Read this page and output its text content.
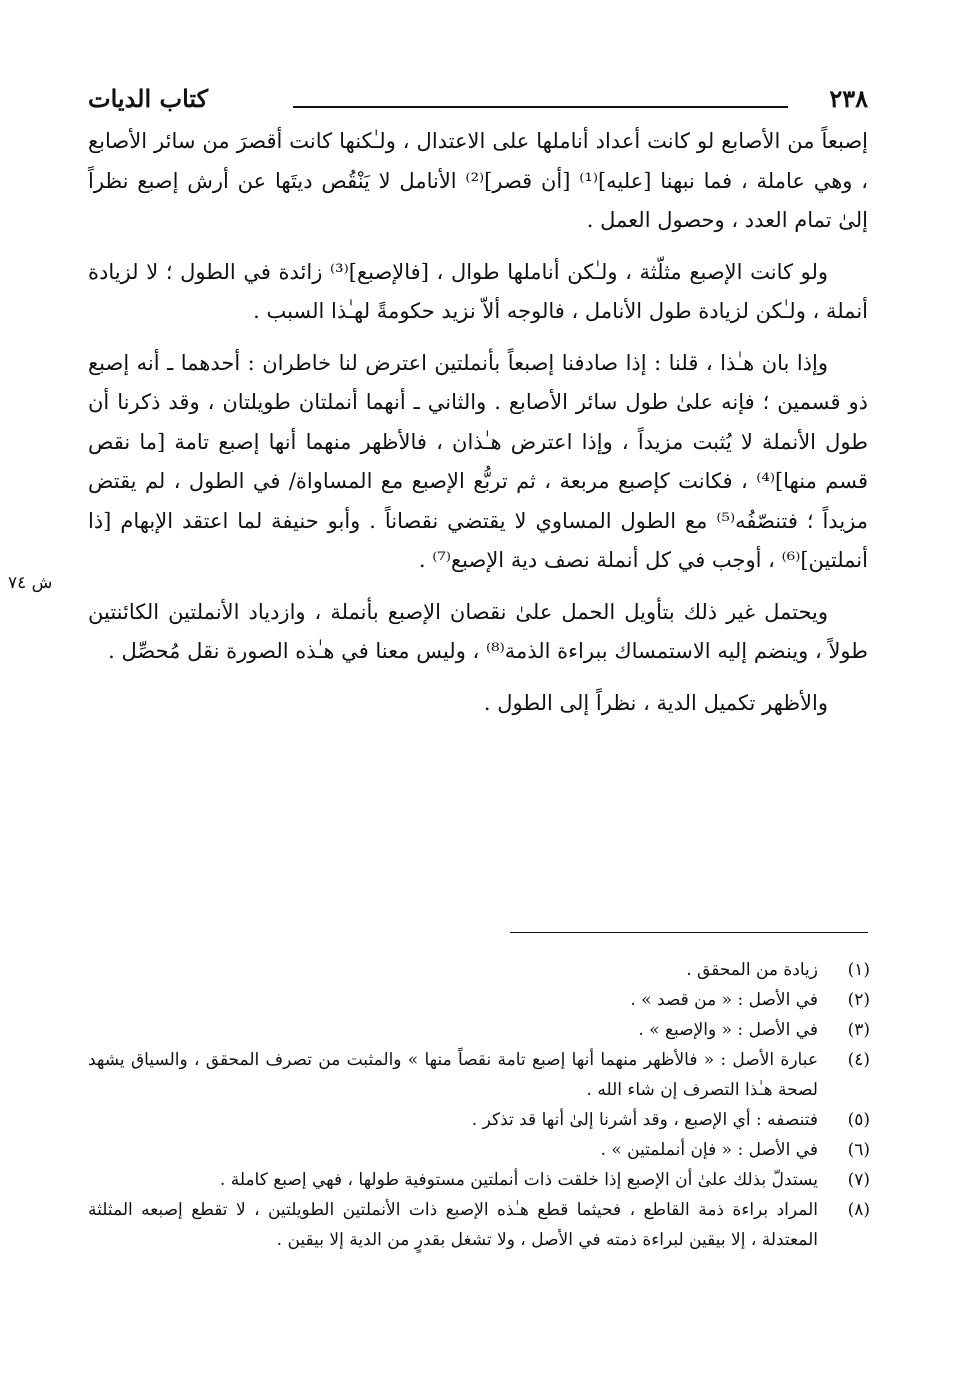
٢٣٨
كتاب الديات
ش ٧٤

إصبعاً من الأصابع لو كانت أعداد أناملها على الاعتدال ، ولـٰكنها كانت أقصرَ من سائر الأصابع ، وهي عاملة ، فما نبهنا [عليه]⁽¹⁾ [أن قصر]⁽²⁾ الأنامل لا يَنْقُص ديتَها عن أرش إصبع نظراً إلىٰ تمام العدد ، وحصول العمل .

ولو كانت الإصبع مثلّثة ، ولـٰكن أناملها طوال ، [فالإصبع]⁽³⁾ زائدة في الطول ؛ لا لزيادة أنملة ، ولـٰكن لزيادة طول الأنامل ، فالوجه ألاّ نزيد حكومةً لهـٰذا السبب .

وإذا بان هـٰذا ، قلنا : إذا صادفنا إصبعاً بأنملتين اعترض لنا خاطران : أحدهما ـ أنه إصبع ذو قسمين ؛ فإنه علىٰ طول سائر الأصابع . والثاني ـ أنهما أنملتان طويلتان ، وقد ذكرنا أن طول الأنملة لا يُثبت مزيداً ، وإذا اعترض هـٰذان ، فالأظهر منهما أنها إصبع تامة [ما نقص قسم منها]⁽⁴⁾ ، فكانت كإصبع مربعة ، ثم تربُّع الإصبع مع المساواة/ في الطول ، لم يقتض مزيداً ؛ فتنصّفُه⁽⁵⁾ مع الطول المساوي لا يقتضي نقصاناً . وأبو حنيفة لما اعتقد الإبهام [ذا أنملتين]⁽⁶⁾ ، أوجب في كل أنملة نصف دية الإصبع⁽⁷⁾ .

ويحتمل غير ذلك بتأويل الحمل علىٰ نقصان الإصبع بأنملة ، وازدياد الأنملتين الكائنتين طولاً ، وينضم إليه الاستمساك ببراءة الذمة⁽⁸⁾ ، وليس معنا في هـٰذه الصورة نقل مُحصِّل .

والأظهر تكميل الدية ، نظراً إلى الطول .

(١)
زيادة من المحقق .
(٢)
في الأصل : « من قصد » .
(٣)
في الأصل : « والإصبع » .
(٤)
عبارة الأصل : « فالأظهر منهما أنها إصبع تامة نقصاً منها » والمثبت من تصرف المحقق ، والسياق يشهد لصحة هـٰذا التصرف إن شاء الله .
(٥)
فتنصفه : أي الإصبع ، وقد أشرنا إلىٰ أنها قد تذكر .
(٦)
في الأصل : « فإن أنملمتين » .
(٧)
يستدلّ بذلك علىٰ أن الإصبع إذا خلقت ذات أنملتين مستوفية طولها ، فهي إصبع كاملة .
(٨)
المراد براءة ذمة القاطع ، فحيثما قطع هـٰذه الإصبع ذات الأنملتين الطويلتين ، لا تقطع إصبعه المثلثة المعتدلة ، إلا بيقين لبراءة ذمته في الأصل ، ولا تشغل بقدرٍ من الدية إلا بيقين .
